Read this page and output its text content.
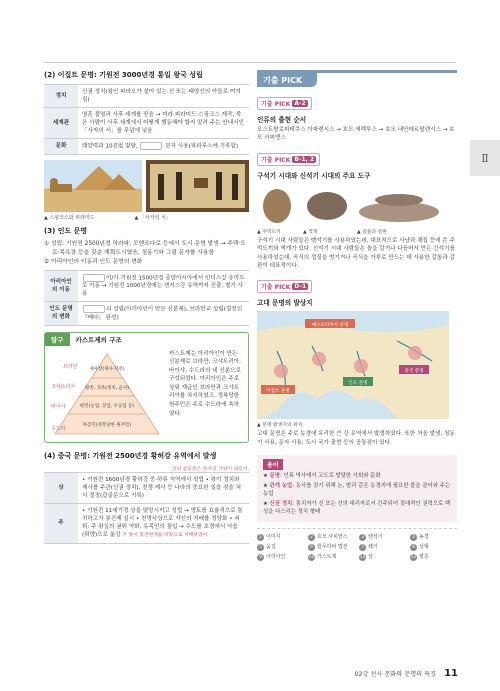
(2) 이집트 문명: 기원전 3000년경 통일 왕국 성립
정치	신권 정치(왕인 파라오가 살아 있는 신 또는 태양신의 아들로 여겨짐)
세계관	영혼 불멸과 사후 세계를 믿음 → 미라·피라미드·스핑크스 제작, 죽은 사람이 사후 세계에서 어떻게 행동해야 할지 알려 주는 안내서인 「사자의 서」를 무덤에 넣음
문화	태양력과 10진법 발달, 문자 사용(파피루스에 기록함)
▲ 스핑크스와 피라미드	▲ 「사자의 서」
(3) 인도 문명

① 성립: 기원전 2500년경 하라파, 모헨조다로 등에서 도시 문명 발생 → 주택·도로·목욕장 등을 갖춘 계획도시였음, 청동기와 그림 문자를 사용함

② 아리아인의 이동과 인도 문명의 변화

아리아인의 이동	이/가 기원전 1500년경 중앙아시아에서 인더스강 유역으로 이동 → 기원전 1000년경에는 갠지스강 유역까지 진출, 철기 사용
인도 문명의 변화	의 성립(아리아인이 만든 신분제), 브라만교 성립(경전인 『베다』 완성)
탐구	카스트제의 구조
제사장(제사·학문)
왕족, 귀족(정치, 군사)
평민(농업, 상업, 수공업 등)
하층민(정복당한 원주민)
브라만
크샤트리아
바이샤
수드라
카스트제는 아리아인이 만든 신분제로 브라만, 크샤트리아, 바이샤, 수드라의 네 신분으로 구성되었다. 아리아인은 주로 상위 계급인 브라만과 크샤트리아를 차지하였고, 정복당한 원주민은 주로 수드라에 속하였다.
(4) 중국 문명: 기원전 2500년경 황허강 유역에서 발생
상의 갑골문은 한자의 기원이 되었어.
상	• 기원전 1600년경 황허강 중·하류 지역에서 성립 • 왕이 정치와 제사를 주관(신권 정치), 전쟁·제사 등 나라의 중요한 일을 점을 쳐서 결정(갑골문으로 기록)
주	• 기원전 11세기경 상을 멸망시키고 성립 → 영토를 효율적으로 통치하고자 봉건제 실시 • 천명사상으로 자신의 지배를 정당화 • 쇠퇴: 주 왕실의 권위 약화, 유목민의 침입 → 수도를 호경에서 낙읍(뤄양)으로 옮김 주 왕이 혈연관계를 바탕으로 지배하였어.
기출 PICK
기출 PICK A-2
인류의 출현 순서
오스트랄로피테쿠스 아파렌시스 → 호모 에렉투스 → 호모 네안데르탈렌시스 → 호모 사피엔스
기출 PICK B-1, 2
구석기 시대와 신석기 시대의 주요 도구
▲ 주먹도끼	▲ 찍개	▲ 갈돌과 갈판
구석기 시대 사람들은 뗀석기를 사용하였는데, 대표적으로 사냥과 채집 등에 쓴 주먹도끼와 찍개가 있다. 신석기 시대 사람들은 돌을 갈거나 다듬어서 만든 간석기를 사용하였는데, 곡식의 껍질을 벗기거나 곡식을 가루로 만드는 데 사용한 갈돌과 갈판이 대표적이다.
기출 PICK D-1
고대 문명의 발상지
메소포타미아 문명
이집트 문명
인도 문명
중국 문명
▲ 문명 발생지의 위치
고대 문명은 주로 농경에 유리한 큰 강 유역에서 발생하였다. 또한 처음 발생, 청동기 사용, 문자 사용, 도시 국가 출현 등의 공통점이 있다.
용어
★ 문명: 인류 역사에서 고도로 발달한 사회와 문화
★ 관개 농업: 농사를 짓기 위해 논, 밭과 같은 농경지에 필요한 물을 끌어와 주는 농업
★ 신권 정치: 통치자가 신 또는 신의 대리자로서 간주되어 절대적인 권력으로 백성을 다스리는 정치 형태
1 이미지	2 호모 사피엔스	3 뗀석기	4 농경
5 움집	6 함무라비 법전	7 쐐기	8 상형
9 아리아인	10 카스트제	11 상	12 평준
Ⅱ
02강 선사 문화와 문명의 특징 11
